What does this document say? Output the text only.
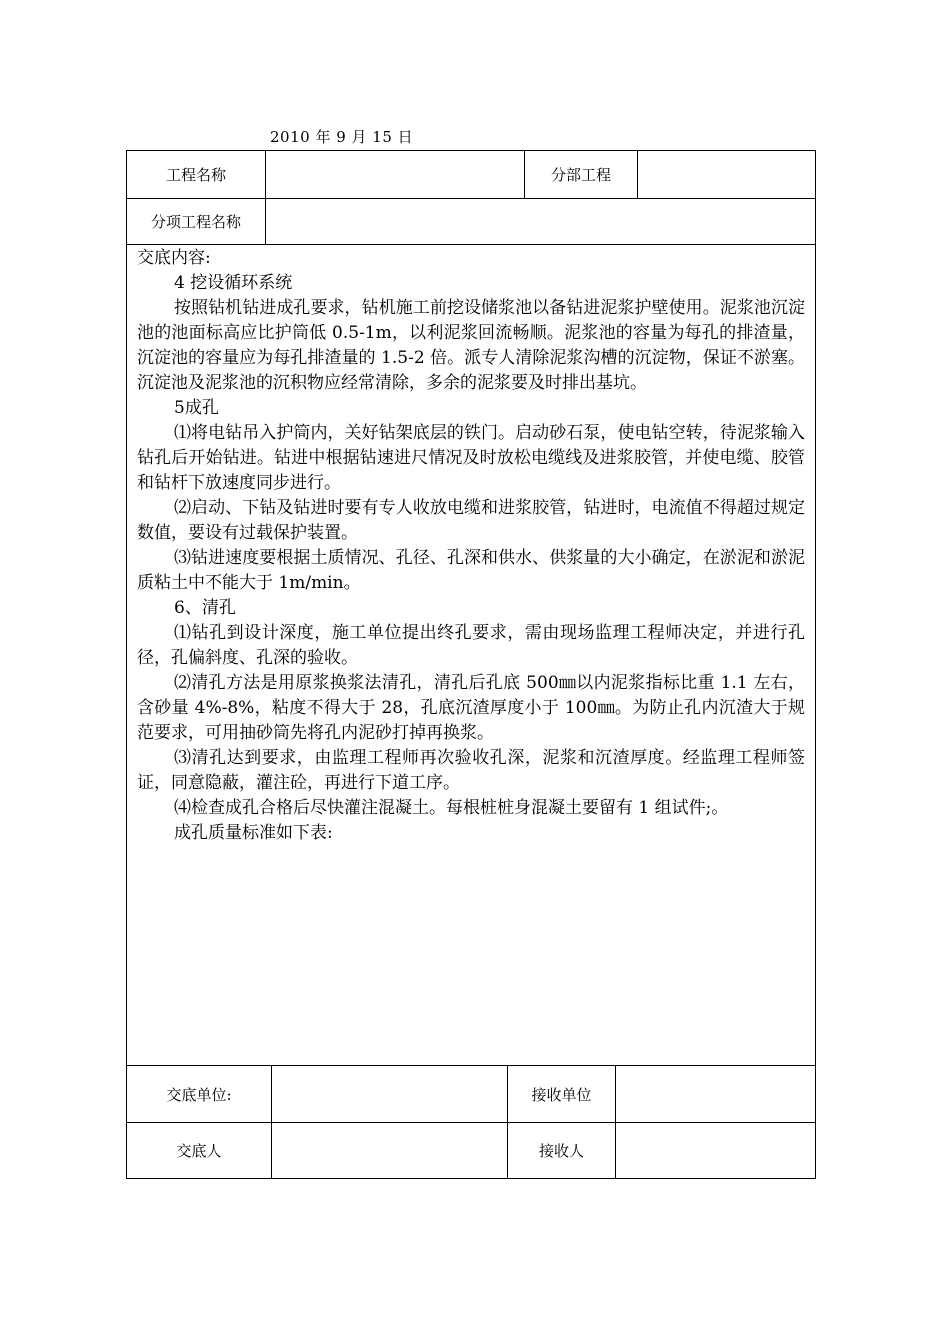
2010 年 9 月 15 日
工程名称	分部工程
分项工程名称

交底内容:

4 挖设循环系统

按照钻机钻进成孔要求，钻机施工前挖设储浆池以备钻进泥浆护壁使用。泥浆池沉淀池的池面标高应比护筒低 0.5-1m，以利泥浆回流畅顺。泥浆池的容量为每孔的排渣量，沉淀池的容量应为每孔排渣量的 1.5-2 倍。派专人清除泥浆沟槽的沉淀物，保证不淤塞。沉淀池及泥浆池的沉积物应经常清除，多余的泥浆要及时排出基坑。

5成孔

⑴将电钻吊入护筒内，关好钻架底层的铁门。启动砂石泵，使电钻空转，待泥浆输入钻孔后开始钻进。钻进中根据钻速进尺情况及时放松电缆线及进浆胶管，并使电缆、胶管和钻杆下放速度同步进行。

⑵启动、下钻及钻进时要有专人收放电缆和进浆胶管，钻进时，电流值不得超过规定数值，要设有过载保护装置。

⑶钻进速度要根据土质情况、孔径、孔深和供水、供浆量的大小确定，在淤泥和淤泥质粘土中不能大于 1m/min。

6、清孔

⑴钻孔到设计深度，施工单位提出终孔要求，需由现场监理工程师决定，并进行孔径，孔偏斜度、孔深的验收。

⑵清孔方法是用原浆换浆法清孔，清孔后孔底 500㎜以内泥浆指标比重 1.1 左右，含砂量 4%-8%，粘度不得大于 28，孔底沉渣厚度小于 100㎜。为防止孔内沉渣大于规范要求，可用抽砂筒先将孔内泥砂打掉再换浆。

⑶清孔达到要求，由监理工程师再次验收孔深，泥浆和沉渣厚度。经监理工程师签证，同意隐蔽，灌注砼，再进行下道工序。

⑷检查成孔合格后尽快灌注混凝土。每根桩桩身混凝土要留有 1 组试件;。

成孔质量标准如下表:

交底单位:	接收单位
交底人	接收人
